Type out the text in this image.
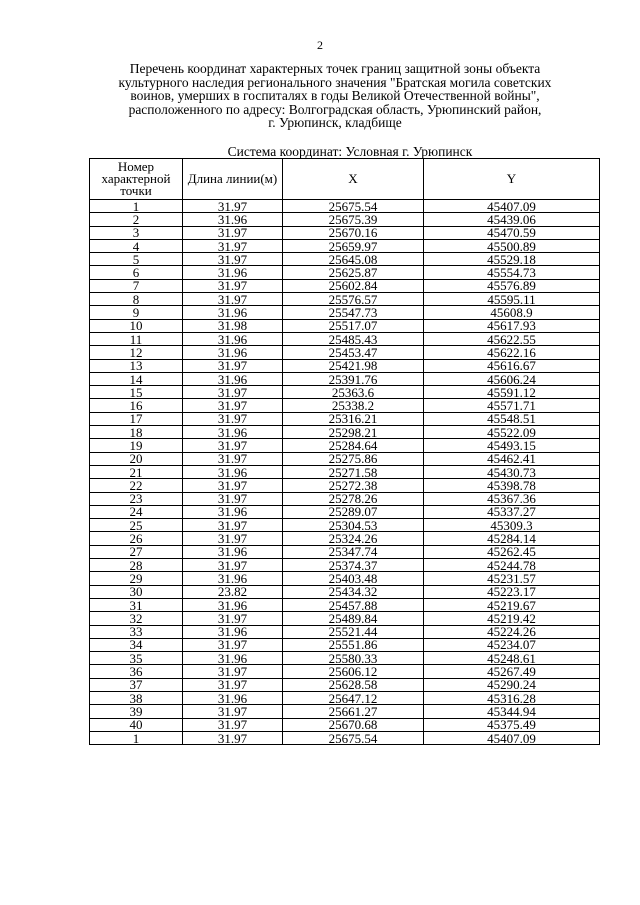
2
Перечень координат характерных точек границ защитной зоны объекта
культурного наследия регионального значения "Братская могила советских
воинов, умерших в госпиталях в годы Великой Отечественной войны",
расположенного по адресу: Волгоградская область, Урюпинский район,
г. Урюпинск, кладбище
Система координат: Условная г. Урюпинск
Номер характерной точки	Длина линии(м)	X	Y
1	31.97	25675.54	45407.09
2	31.96	25675.39	45439.06
3	31.97	25670.16	45470.59
4	31.97	25659.97	45500.89
5	31.97	25645.08	45529.18
6	31.96	25625.87	45554.73
7	31.97	25602.84	45576.89
8	31.97	25576.57	45595.11
9	31.96	25547.73	45608.9
10	31.98	25517.07	45617.93
11	31.96	25485.43	45622.55
12	31.96	25453.47	45622.16
13	31.97	25421.98	45616.67
14	31.96	25391.76	45606.24
15	31.97	25363.6	45591.12
16	31.97	25338.2	45571.71
17	31.97	25316.21	45548.51
18	31.96	25298.21	45522.09
19	31.97	25284.64	45493.15
20	31.97	25275.86	45462.41
21	31.96	25271.58	45430.73
22	31.97	25272.38	45398.78
23	31.97	25278.26	45367.36
24	31.96	25289.07	45337.27
25	31.97	25304.53	45309.3
26	31.97	25324.26	45284.14
27	31.96	25347.74	45262.45
28	31.97	25374.37	45244.78
29	31.96	25403.48	45231.57
30	23.82	25434.32	45223.17
31	31.96	25457.88	45219.67
32	31.97	25489.84	45219.42
33	31.96	25521.44	45224.26
34	31.97	25551.86	45234.07
35	31.96	25580.33	45248.61
36	31.97	25606.12	45267.49
37	31.97	25628.58	45290.24
38	31.96	25647.12	45316.28
39	31.97	25661.27	45344.94
40	31.97	25670.68	45375.49
1	31.97	25675.54	45407.09
